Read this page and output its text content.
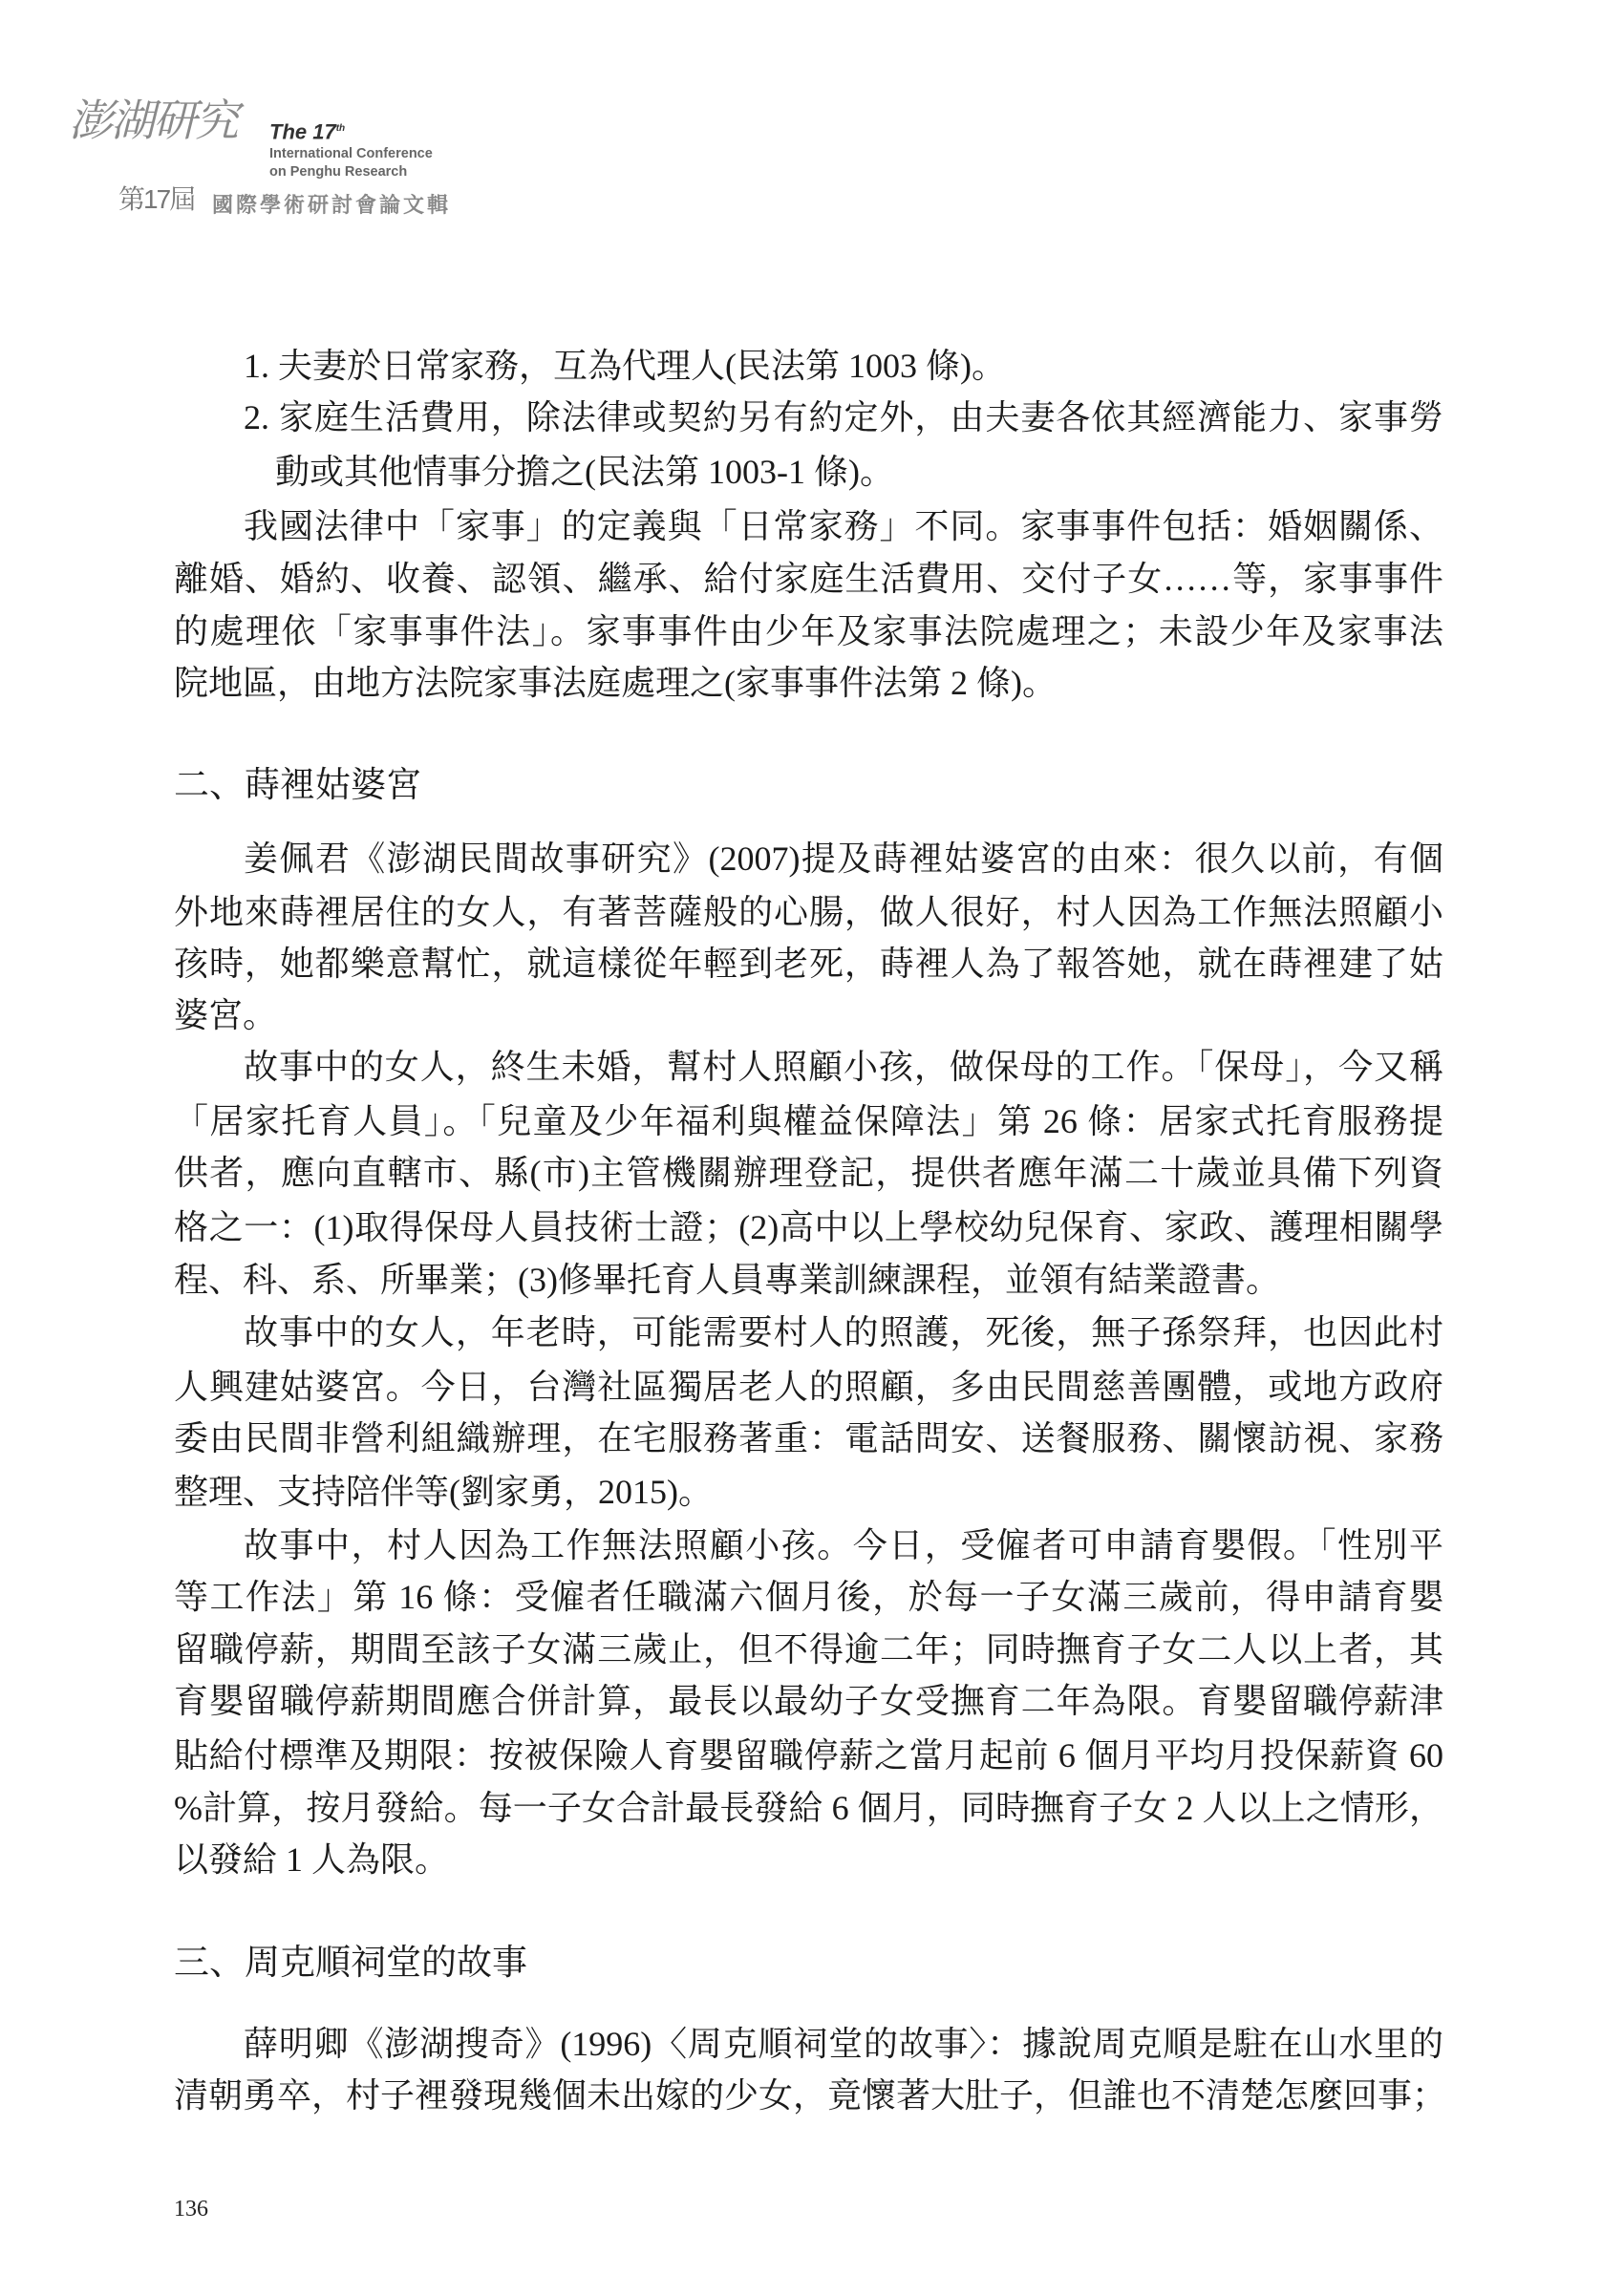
澎湖研究	The 17th
International Conference
on Penghu Research
第17屆 國際學術研討會論文輯
1. 夫妻於日常家務，互為代理人(民法第 1003 條)。
2. 家庭生活費用，除法律或契約另有約定外，由夫妻各依其經濟能力、家事勞
動或其他情事分擔之(民法第 1003-1 條)。
我國法律中「家事」的定義與「日常家務」不同。家事事件包括：婚姻關係、
離婚、婚約、收養、認領、繼承、給付家庭生活費用、交付子女……等，家事事件
的處理依「家事事件法」。家事事件由少年及家事法院處理之；未設少年及家事法
院地區，由地方法院家事法庭處理之(家事事件法第 2 條)。
二、蒔裡姑婆宮
姜佩君《澎湖民間故事研究》(2007)提及蒔裡姑婆宮的由來：很久以前，有個
外地來蒔裡居住的女人，有著菩薩般的心腸，做人很好，村人因為工作無法照顧小
孩時，她都樂意幫忙，就這樣從年輕到老死，蒔裡人為了報答她，就在蒔裡建了姑
婆宮。
故事中的女人，終生未婚，幫村人照顧小孩，做保母的工作。「保母」，今又稱
「居家托育人員」。「兒童及少年福利與權益保障法」第 26 條：居家式托育服務提
供者，應向直轄市、縣(市)主管機關辦理登記，提供者應年滿二十歲並具備下列資
格之一：(1)取得保母人員技術士證；(2)高中以上學校幼兒保育、家政、護理相關學
程、科、系、所畢業；(3)修畢托育人員專業訓練課程，並領有結業證書。
故事中的女人，年老時，可能需要村人的照護，死後，無子孫祭拜，也因此村
人興建姑婆宮。今日，台灣社區獨居老人的照顧，多由民間慈善團體，或地方政府
委由民間非營利組織辦理，在宅服務著重：電話問安、送餐服務、關懷訪視、家務
整理、支持陪伴等(劉家勇，2015)。
故事中，村人因為工作無法照顧小孩。今日，受僱者可申請育嬰假。「性別平
等工作法」第 16 條：受僱者任職滿六個月後，於每一子女滿三歲前，得申請育嬰
留職停薪，期間至該子女滿三歲止，但不得逾二年；同時撫育子女二人以上者，其
育嬰留職停薪期間應合併計算，最長以最幼子女受撫育二年為限。育嬰留職停薪津
貼給付標準及期限：按被保險人育嬰留職停薪之當月起前 6 個月平均月投保薪資 60
%計算，按月發給。每一子女合計最長發給 6 個月，同時撫育子女 2 人以上之情形，
以發給 1 人為限。
三、周克順祠堂的故事
薛明卿《澎湖搜奇》(1996)〈周克順祠堂的故事〉：據說周克順是駐在山水里的
清朝勇卒，村子裡發現幾個未出嫁的少女，竟懷著大肚子，但誰也不清楚怎麼回事；
136
